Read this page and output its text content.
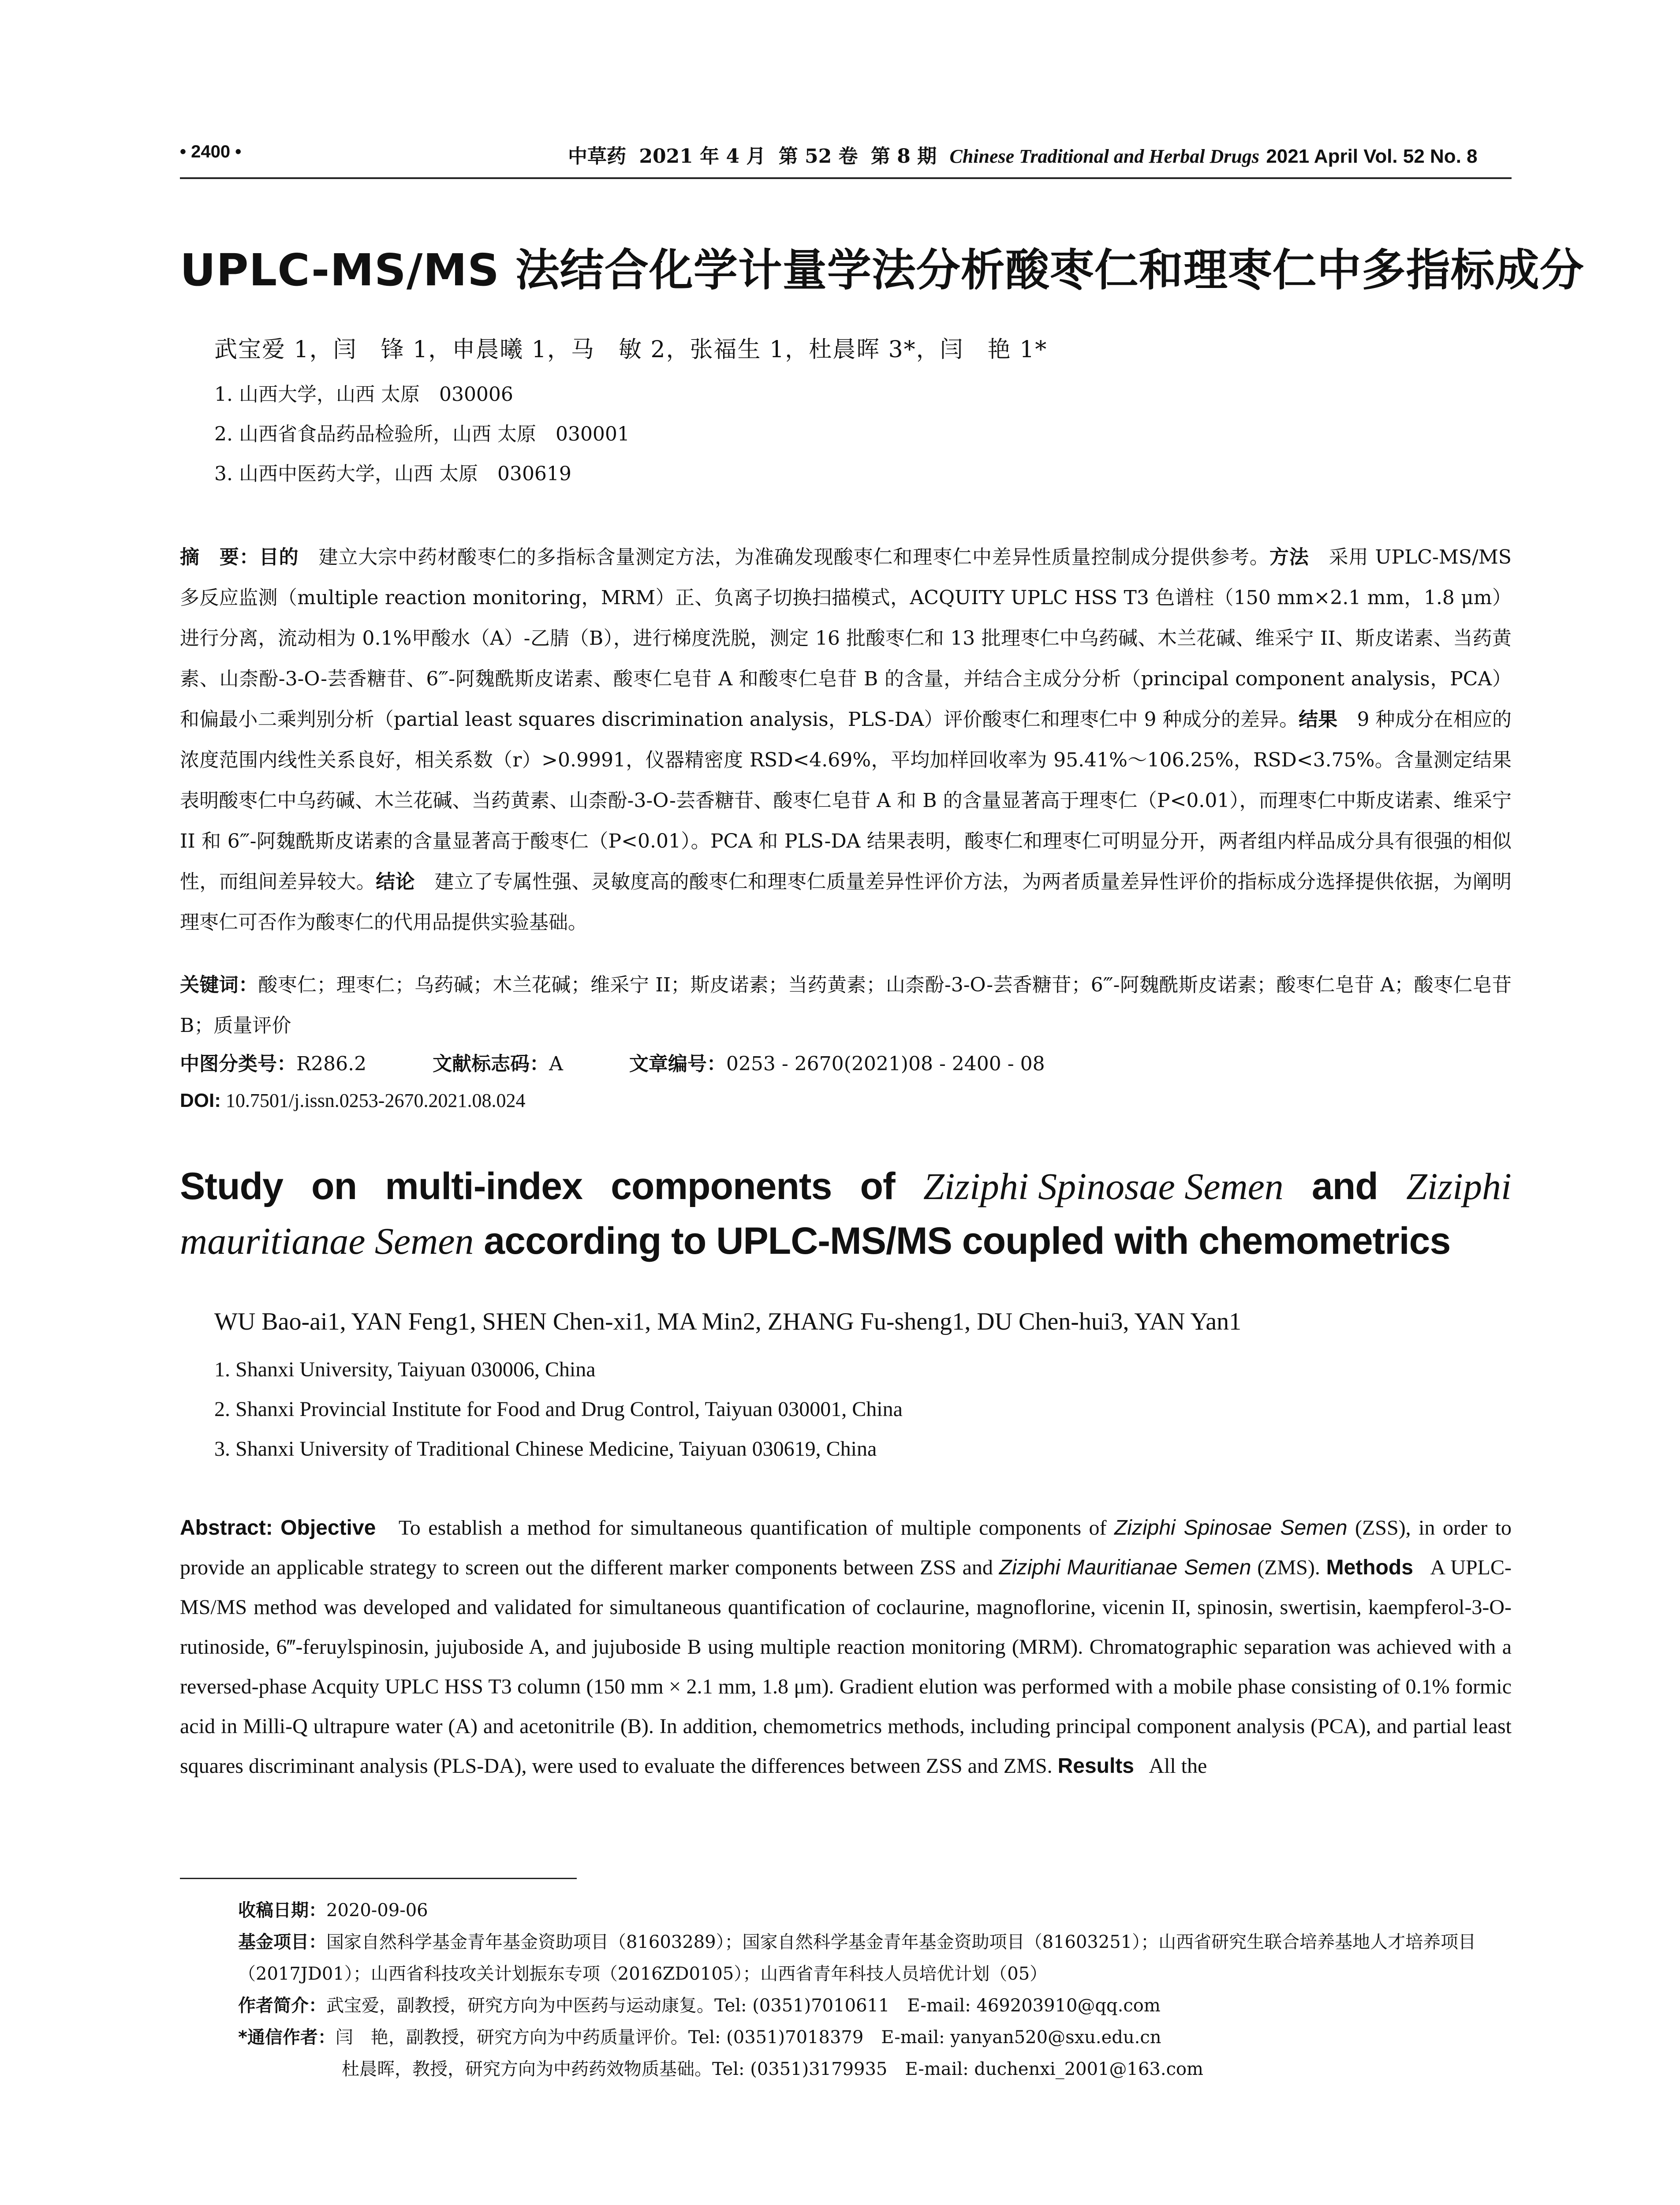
• 2400 •	中草药 2021 年 4 月 第 52 卷 第 8 期 Chinese Traditional and Herbal Drugs 2021 April Vol. 52 No. 8
UPLC-MS/MS 法结合化学计量学法分析酸枣仁和理枣仁中多指标成分
武宝爱 1，闫　锋 1，申晨曦 1，马　敏 2，张福生 1，杜晨晖 3*，闫　艳 1*
1. 山西大学，山西 太原　030006
2. 山西省食品药品检验所，山西 太原　030001
3. 山西中医药大学，山西 太原　030619
摘　要：目的　 建立大宗中药材酸枣仁的多指标含量测定方法，为准确发现酸枣仁和理枣仁中差异性质量控制成分提供参考。方法　 采用 UPLC-MS/MS 多反应监测（multiple reaction monitoring，MRM）正、负离子切换扫描模式，ACQUITY UPLC HSS T3 色谱柱（150 mm×2.1 mm，1.8 μm）进行分离，流动相为 0.1%甲酸水（A）-乙腈（B），进行梯度洗脱，测定 16 批酸枣仁和 13 批理枣仁中乌药碱、木兰花碱、维采宁 II、斯皮诺素、当药黄素、山柰酚-3-O-芸香糖苷、6‴-阿魏酰斯皮诺素、酸枣仁皂苷 A 和酸枣仁皂苷 B 的含量，并结合主成分分析（principal component analysis，PCA）和偏最小二乘判别分析（partial least squares discrimination analysis，PLS-DA）评价酸枣仁和理枣仁中 9 种成分的差异。结果　 9 种成分在相应的浓度范围内线性关系良好，相关系数（r）>0.9991，仪器精密度 RSD<4.69%，平均加样回收率为 95.41%～106.25%，RSD<3.75%。含量测定结果表明酸枣仁中乌药碱、木兰花碱、当药黄素、山柰酚-3-O-芸香糖苷、酸枣仁皂苷 A 和 B 的含量显著高于理枣仁（P<0.01），而理枣仁中斯皮诺素、维采宁 II 和 6‴-阿魏酰斯皮诺素的含量显著高于酸枣仁（P<0.01）。PCA 和 PLS-DA 结果表明，酸枣仁和理枣仁可明显分开，两者组内样品成分具有很强的相似性，而组间差异较大。结论　 建立了专属性强、灵敏度高的酸枣仁和理枣仁质量差异性评价方法，为两者质量差异性评价的指标成分选择提供依据，为阐明理枣仁可否作为酸枣仁的代用品提供实验基础。
关键词：酸枣仁；理枣仁；乌药碱；木兰花碱；维采宁 II；斯皮诺素；当药黄素；山柰酚-3-O-芸香糖苷；6‴-阿魏酰斯皮诺素；酸枣仁皂苷 A；酸枣仁皂苷 B；质量评价
中图分类号：R286.2	文献标志码：A	文章编号：0253 - 2670(2021)08 - 2400 - 08
DOI: 10.7501/j.issn.0253-2670.2021.08.024
Study on multi-index components of Ziziphi Spinosae Semen and Ziziphi
mauritianae Semen according to UPLC-MS/MS coupled with chemometrics
WU Bao-ai1, YAN Feng1, SHEN Chen-xi1, MA Min2, ZHANG Fu-sheng1, DU Chen-hui3, YAN Yan1
1. Shanxi University, Taiyuan 030006, China
2. Shanxi Provincial Institute for Food and Drug Control, Taiyuan 030001, China
3. Shanxi University of Traditional Chinese Medicine, Taiyuan 030619, China
Abstract: Objective To establish a method for simultaneous quantification of multiple components of Ziziphi Spinosae Semen (ZSS), in order to provide an applicable strategy to screen out the different marker components between ZSS and Ziziphi Mauritianae Semen (ZMS). Methods A UPLC-MS/MS method was developed and validated for simultaneous quantification of coclaurine, magnoflorine, vicenin II, spinosin, swertisin, kaempferol-3-O-rutinoside, 6‴-feruylspinosin, jujuboside A, and jujuboside B using multiple reaction monitoring (MRM). Chromatographic separation was achieved with a reversed-phase Acquity UPLC HSS T3 column (150 mm × 2.1 mm, 1.8 μm). Gradient elution was performed with a mobile phase consisting of 0.1% formic acid in Milli-Q ultrapure water (A) and acetonitrile (B). In addition, chemometrics methods, including principal component analysis (PCA), and partial least squares discriminant analysis (PLS-DA), were used to evaluate the differences between ZSS and ZMS. Results All the
收稿日期：2020-09-06
基金项目：国家自然科学基金青年基金资助项目（81603289）；国家自然科学基金青年基金资助项目（81603251）；山西省研究生联合培养基地人才培养项目（2017JD01）；山西省科技攻关计划振东专项（2016ZD0105）；山西省青年科技人员培优计划（05）
作者简介：武宝爱，副教授，研究方向为中医药与运动康复。Tel: (0351)7010611　E-mail: 469203910@qq.com
*通信作者：闫　艳，副教授，研究方向为中药质量评价。Tel: (0351)7018379　E-mail: yanyan520@sxu.edu.cn
杜晨晖，教授，研究方向为中药药效物质基础。Tel: (0351)3179935　E-mail: duchenxi_2001@163.com
